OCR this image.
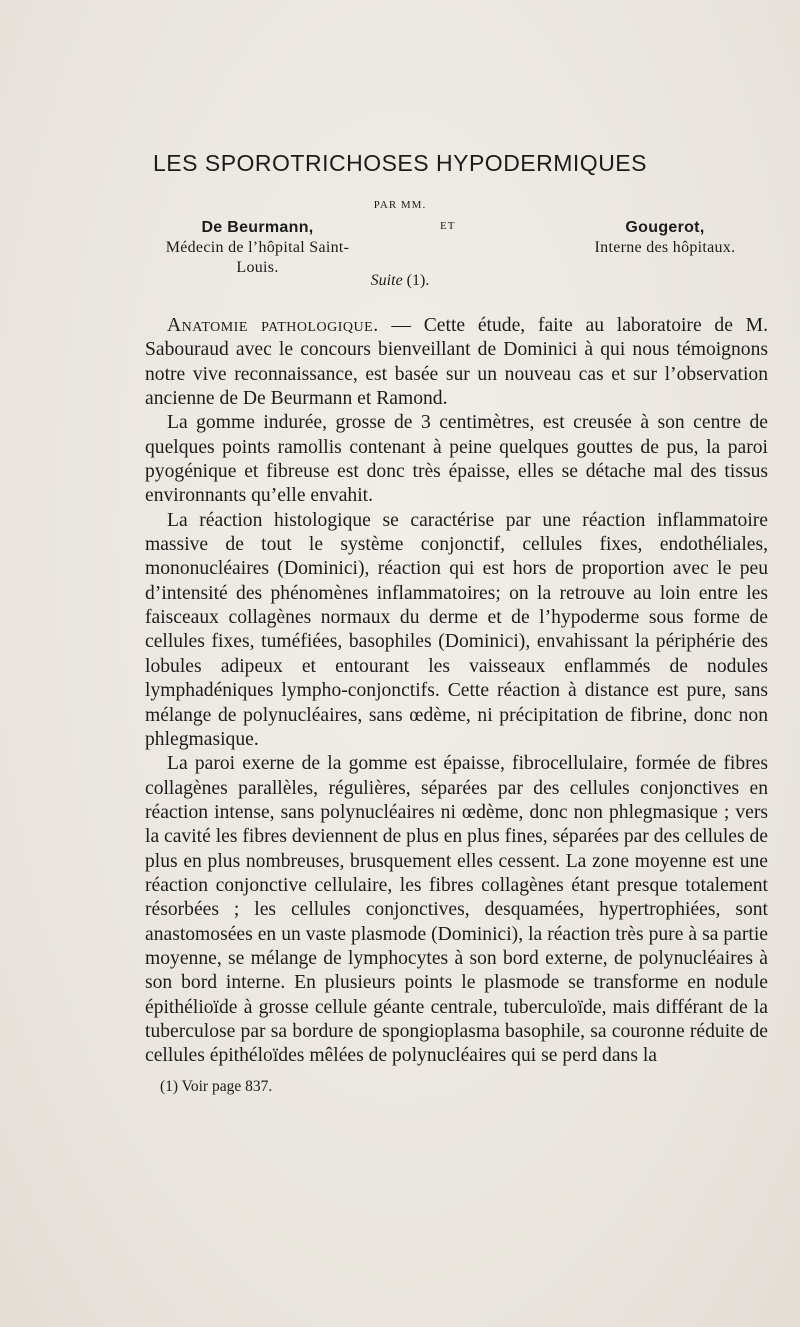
LES SPOROTRICHOSES HYPODERMIQUES
PAR MM.
De Beurmann,
Médecin de l’hôpital Saint-Louis.
ET	Gougerot,
Interne des hôpitaux.
Suite (1).

Anatomie pathologique. — Cette étude, faite au laboratoire de M. Sabouraud avec le concours bienveillant de Dominici à qui nous témoignons notre vive reconnaissance, est basée sur un nouveau cas et sur l’observation ancienne de De Beurmann et Ramond.

La gomme indurée, grosse de 3 centimètres, est creusée à son centre de quelques points ramollis contenant à peine quelques gouttes de pus, la paroi pyogénique et fibreuse est donc très épaisse, elles se détache mal des tissus environnants qu’elle envahit.

La réaction histologique se caractérise par une réaction inflammatoire massive de tout le système conjonctif, cellules fixes, endothéliales, mononucléaires (Dominici), réaction qui est hors de proportion avec le peu d’intensité des phénomènes inflammatoires; on la retrouve au loin entre les faisceaux collagènes normaux du derme et de l’hypoderme sous forme de cellules fixes, tuméfiées, basophiles (Dominici), envahissant la périphérie des lobules adipeux et entourant les vaisseaux enflammés de nodules lymphadéniques lympho-conjonctifs. Cette réaction à distance est pure, sans mélange de polynucléaires, sans œdème, ni précipitation de fibrine, donc non phlegmasique.

La paroi exerne de la gomme est épaisse, fibrocellulaire, formée de fibres collagènes parallèles, régulières, séparées par des cellules conjonctives en réaction intense, sans polynucléaires ni œdème, donc non phlegmasique ; vers la cavité les fibres deviennent de plus en plus fines, séparées par des cellules de plus en plus nombreuses, brusquement elles cessent. La zone moyenne est une réaction conjonctive cellulaire, les fibres collagènes étant presque totalement résorbées ; les cellules conjonctives, desquamées, hypertrophiées, sont anastomosées en un vaste plasmode (Dominici), la réaction très pure à sa partie moyenne, se mélange de lymphocytes à son bord externe, de polynucléaires à son bord interne. En plusieurs points le plasmode se transforme en nodule épithélioïde à grosse cellule géante centrale, tuberculoïde, mais différant de la tuberculose par sa bordure de spongioplasma basophile, sa couronne réduite de cellules épithéloïdes mêlées de polynucléaires qui se perd dans la

(1) Voir page 837.
